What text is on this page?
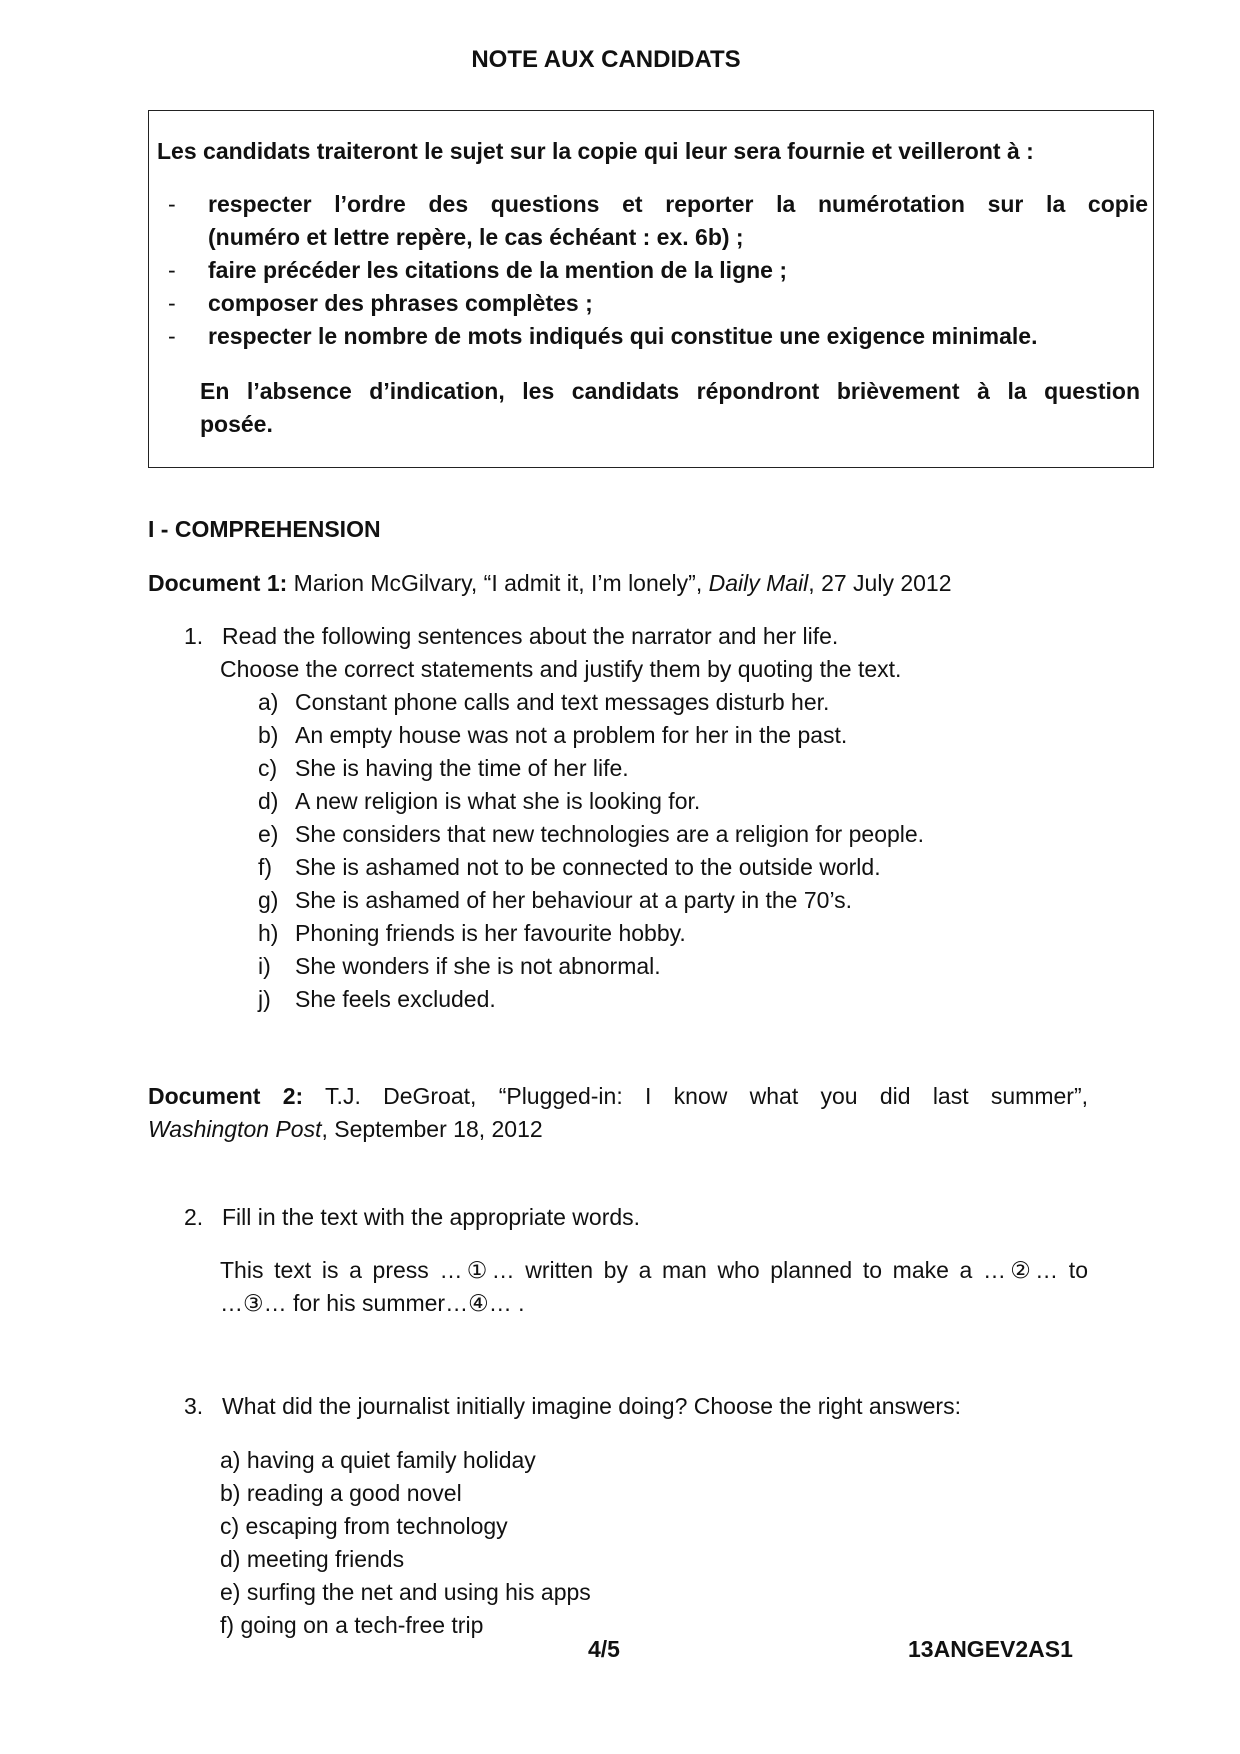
NOTE AUX CANDIDATS
Les candidats traiteront le sujet sur la copie qui leur sera fournie et veilleront à :
- respecter l’ordre des questions et reporter la numérotation sur la copie
(numéro et lettre repère, le cas échéant : ex. 6b) ;
- faire précéder les citations de la mention de la ligne ;
- composer des phrases complètes ;
- respecter le nombre de mots indiqués qui constitue une exigence minimale.
En l’absence d’indication, les candidats répondront brièvement à la question
posée.
I - COMPREHENSION
Document 1: Marion McGilvary, “I admit it, I’m lonely”, Daily Mail, 27 July 2012
1. Read the following sentences about the narrator and her life.
Choose the correct statements and justify them by quoting the text.
a) Constant phone calls and text messages disturb her.
b) An empty house was not a problem for her in the past.
c) She is having the time of her life.
d) A new religion is what she is looking for.
e) She considers that new technologies are a religion for people.
f) She is ashamed not to be connected to the outside world.
g) She is ashamed of her behaviour at a party in the 70’s.
h) Phoning friends is her favourite hobby.
i) She wonders if she is not abnormal.
j) She feels excluded.
Document 2: T.J. DeGroat, “Plugged-in: I know what you did last summer”,
Washington Post, September 18, 2012
2. Fill in the text with the appropriate words.
This text is a press …①… written by a man who planned to make a …②… to
…③… for his summer…④… .
3. What did the journalist initially imagine doing? Choose the right answers:
a) having a quiet family holiday
b) reading a good novel
c) escaping from technology
d) meeting friends
e) surfing the net and using his apps
f) going on a tech-free trip
4/5	13ANGEV2AS1
